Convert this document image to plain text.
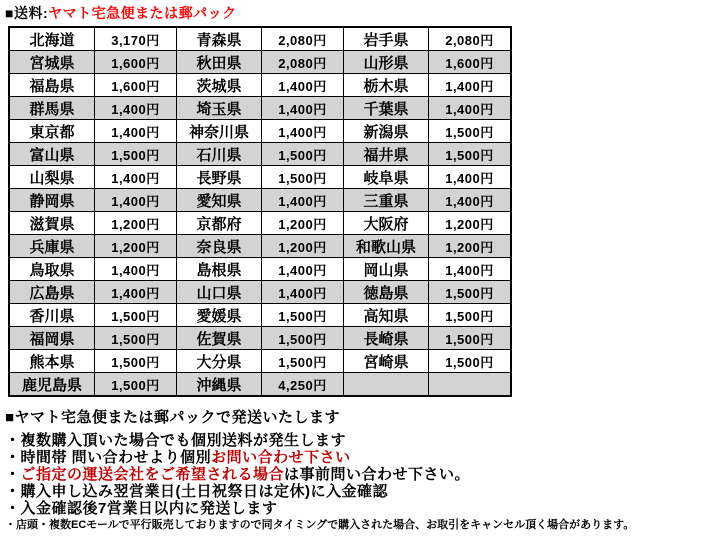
■送料:ヤマト宅急便または郵パック
北海道	3,170円	青森県	2,080円	岩手県	2,080円
宮城県	1,600円	秋田県	2,080円	山形県	1,600円
福島県	1,600円	茨城県	1,400円	栃木県	1,400円
群馬県	1,400円	埼玉県	1,400円	千葉県	1,400円
東京都	1,400円	神奈川県	1,400円	新潟県	1,500円
富山県	1,500円	石川県	1,500円	福井県	1,500円
山梨県	1,400円	長野県	1,500円	岐阜県	1,400円
静岡県	1,400円	愛知県	1,400円	三重県	1,400円
滋賀県	1,200円	京都府	1,200円	大阪府	1,200円
兵庫県	1,200円	奈良県	1,200円	和歌山県	1,200円
鳥取県	1,400円	島根県	1,400円	岡山県	1,400円
広島県	1,400円	山口県	1,400円	徳島県	1,500円
香川県	1,500円	愛媛県	1,500円	高知県	1,500円
福岡県	1,500円	佐賀県	1,500円	長崎県	1,500円
熊本県	1,500円	大分県	1,500円	宮崎県	1,500円
鹿児島県	1,500円	沖縄県	4,250円		
■ヤマト宅急便または郵パックで発送いたします
・複数購入頂いた場合でも個別送料が発生します
・時間帯 問い合わせより個別お問い合わせ下さい
・ご指定の運送会社をご希望される場合は事前問い合わせ下さい。
・購入申し込み翌営業日(土日祝祭日は定休)に入金確認
・入金確認後7営業日以内に発送します
・店頭・複数ECモールで平行販売しておりますので同タイミングで購入された場合、お取引をキャンセル頂く場合があります。
